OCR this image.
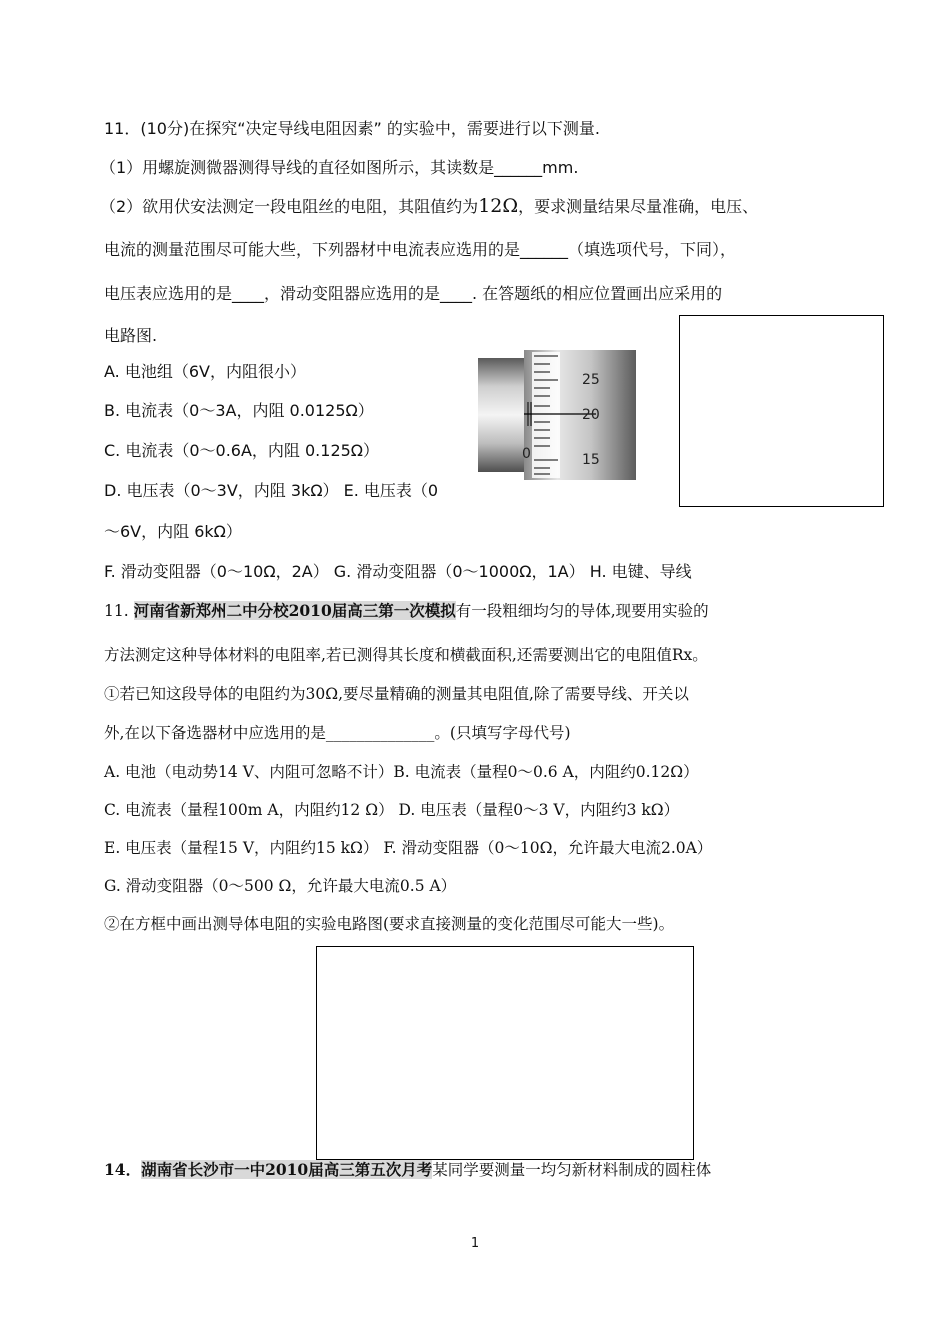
11．(10分)在探究“决定导线电阻因素” 的实验中，需要进行以下测量.
（1）用螺旋测微器测得导线的直径如图所示，其读数是______mm.
（2）欲用伏安法测定一段电阻丝的电阻，其阻值约为12Ω，要求测量结果尽量准确，电压、
电流的测量范围尽可能大些，下列器材中电流表应选用的是______（填选项代号，下同），
电压表应选用的是____，滑动变阻器应选用的是____. 在答题纸的相应位置画出应采用的
电路图.
A. 电池组（6V，内阻很小）
B. 电流表（0～3A，内阻 0.0125Ω）
C. 电流表（0～0.6A，内阻 0.125Ω）
D. 电压表（0～3V，内阻 3kΩ） E. 电压表（0
～6V，内阻 6kΩ）
F. 滑动变阻器（0～10Ω，2A） G. 滑动变阻器（0～1000Ω，1A） H. 电键、导线
25
20
15
0
11. 河南省新郑州二中分校2010届高三第一次模拟有一段粗细均匀的导体,现要用实验的
方法测定这种导体材料的电阻率,若已测得其长度和横截面积,还需要测出它的电阻值Rx。
①若已知这段导体的电阻约为30Ω,要尽量精确的测量其电阻值,除了需要导线、开关以
外,在以下备选器材中应选用的是______________。(只填写字母代号)
A. 电池（电动势14 V、内阻可忽略不计）B. 电流表（量程0～0.6 A，内阻约0.12Ω）
C. 电流表（量程100m A，内阻约12 Ω） D. 电压表（量程0～3 V，内阻约3 kΩ）
E. 电压表（量程15 V，内阻约15 kΩ） F. 滑动变阻器（0～10Ω，允许最大电流2.0A）
G. 滑动变阻器（0～500 Ω，允许最大电流0.5 A）
②在方框中画出测导体电阻的实验电路图(要求直接测量的变化范围尽可能大一些)。
14．湖南省长沙市一中2010届高三第五次月考某同学要测量一均匀新材料制成的圆柱体
1
